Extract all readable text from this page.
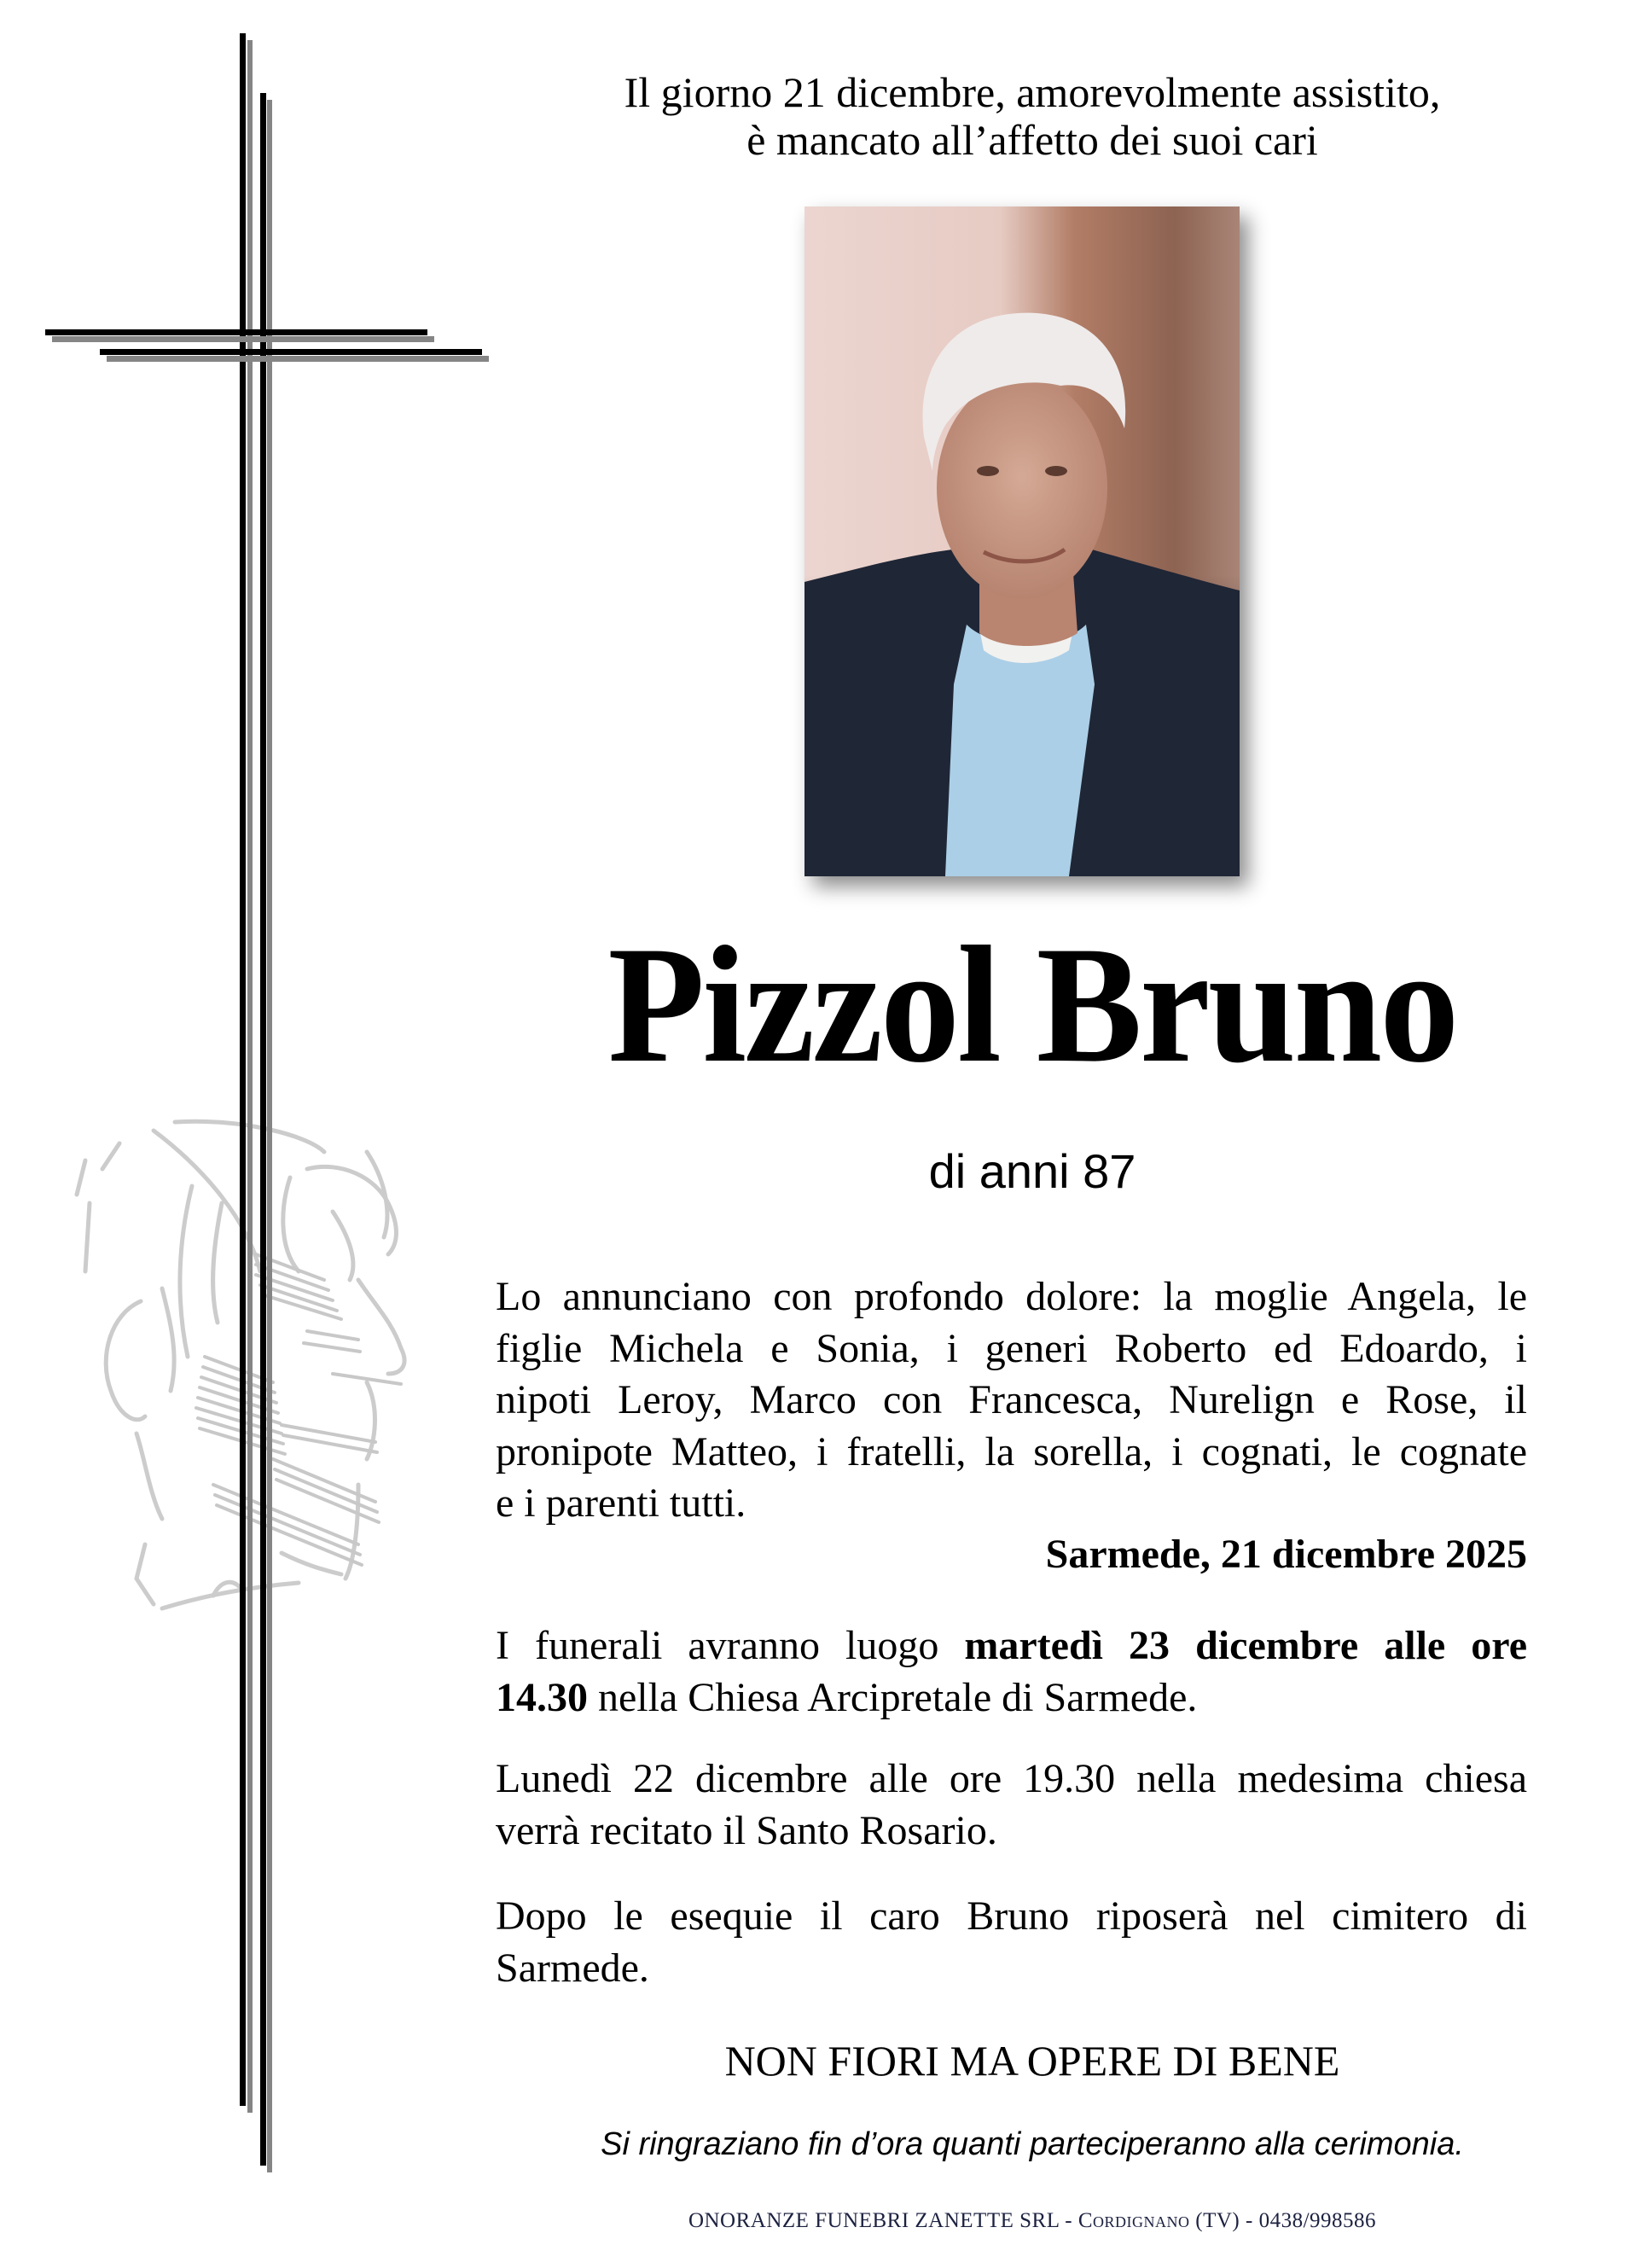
Il giorno 21 dicembre, amorevolmente assistito,
è mancato all’affetto dei suoi cari
Pizzol Bruno
di anni 87
Lo annunciano con profondo dolore: la moglie Angela, le
figlie Michela e Sonia, i generi Roberto ed Edoardo, i
nipoti Leroy, Marco con Francesca, Nurelign e Rose, il
pronipote Matteo, i fratelli, la sorella, i cognati, le cognate
e i parenti tutti.
Sarmede, 21 dicembre 2025
I funerali avranno luogo martedì 23 dicembre alle ore
14.30 nella Chiesa Arcipretale di Sarmede.
Lunedì 22 dicembre alle ore 19.30 nella medesima chiesa
verrà recitato il Santo Rosario.
Dopo le esequie il caro Bruno riposerà nel cimitero di
Sarmede.
NON FIORI MA OPERE DI BENE
Si ringraziano fin d’ora quanti parteciperanno alla cerimonia.
ONORANZE FUNEBRI ZANETTE SRL - Cordignano (TV) - 0438/998586
